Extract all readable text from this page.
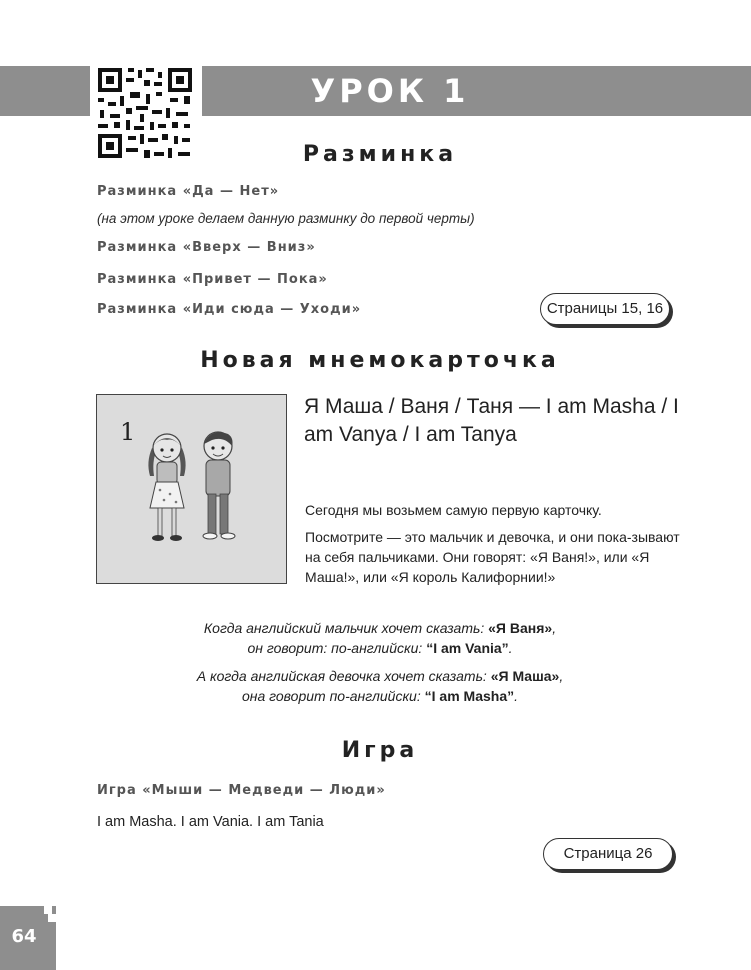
УРОК 1
Разминка
Разминка «Да — Нет»
(на этом уроке делаем данную разминку до первой черты)
Разминка «Вверх — Вниз»
Разминка «Привет — Пока»
Разминка «Иди сюда — Уходи»	Страницы 15, 16
Новая мнемокарточка
1
Я Маша / Ваня / Таня — I am Masha / I am Vanya / I am Tanya
Сегодня мы возьмем самую первую карточку.
Посмотрите — это мальчик и девочка, и они пока-зывают на себя пальчиками. Они говорят: «Я Ваня!», или «Я Маша!», или «Я король Калифорнии!»
Когда английский мальчик хочет сказать: «Я Ваня»,
он говорит: по-английски: “I am Vania”.
А когда английская девочка хочет сказать: «Я Маша»,
она говорит по-английски: “I am Masha”.
Игра
Игра «Мыши — Медведи — Люди»
I am Masha. I am Vania. I am Tania
Страница 26
64
